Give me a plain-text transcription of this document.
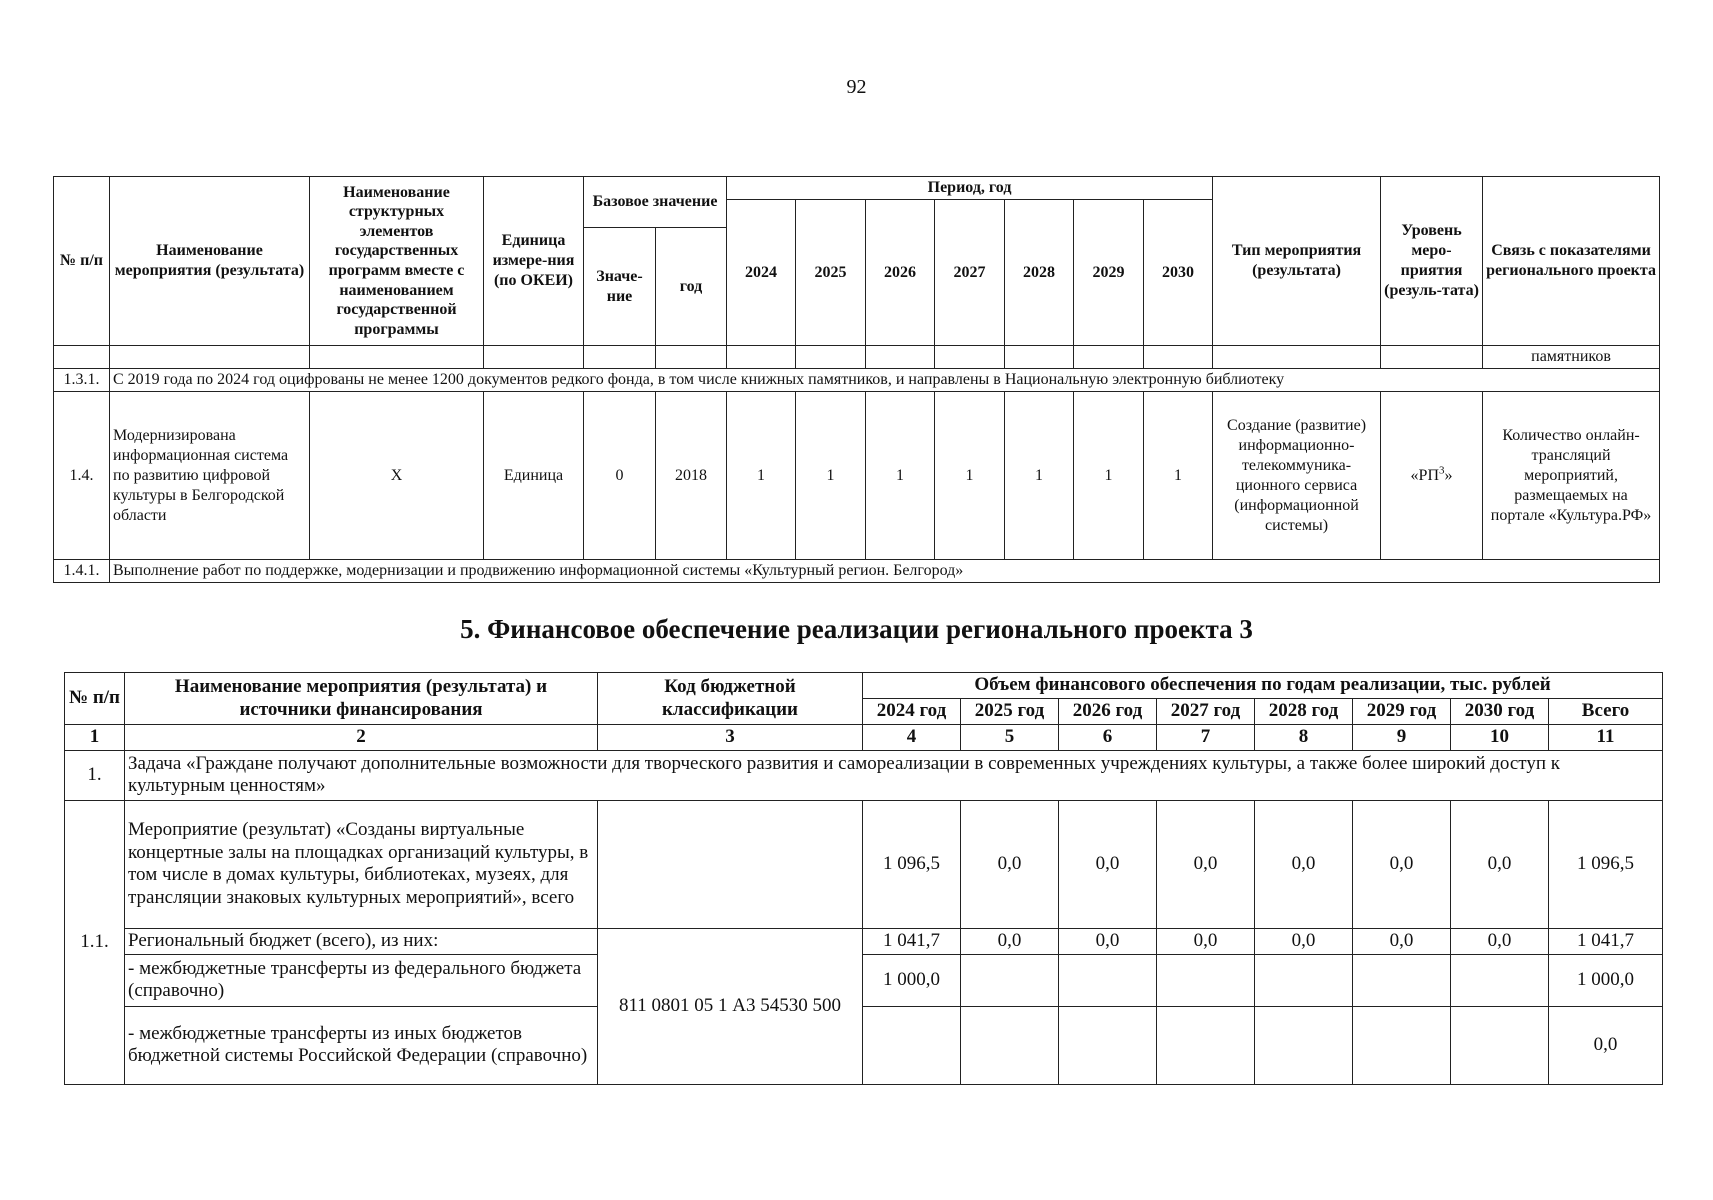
92
№ п/п	Наименование мероприятия (результата)	Наименование структурных элементов государственных программ вместе с наименованием государственной программы	Единица измере-ния (по ОКЕИ)	Базовое значение		Период, год							Тип мероприятия (результата)	Уровень меро-приятия (резуль-тата)	Связь с показателями регионального проекта
						2024	2025	2026	2027	2028	2029	2030			
				Значе-ние	год										
															памятников
1.3.1.	С 2019 года по 2024 год оцифрованы не менее 1200 документов редкого фонда, в том числе книжных памятников, и направлены в Национальную электронную библиотеку														
1.4.	Модернизирована информационная система по развитию цифровой культуры в Белгородской области	X	Единица	0	2018	1	1	1	1	1	1	1	Создание (развитие) информационно-телекоммуника-ционного сервиса (информационной системы)	«$РП^3$»	Количество онлайн-трансляций мероприятий, размещаемых на портале «Культура.РФ»
1.4.1.	Выполнение работ по поддержке, модернизации и продвижению информационной системы «Культурный регион. Белгород»														
5. Финансовое обеспечение реализации регионального проекта 3
№ п/п	Наименование мероприятия (результата) и источники финансирования	Код бюджетной классификации	Объем финансового обеспечения по годам реализации, тыс. рублей							
			2024 год	2025 год	2026 год	2027 год	2028 год	2029 год	2030 год	Всего
1	2	3	4	5	6	7	8	9	10	11
1.	Задача «Граждане получают дополнительные возможности для творческого развития и самореализации в современных учреждениях культуры, а также более широкий доступ к культурным ценностям»									
1.1.	Мероприятие (результат) «Созданы виртуальные концертные залы на площадках организаций культуры, в том числе в домах культуры, библиотеках, музеях, для трансляции знаковых культурных мероприятий», всего		1 096,5	0,0	0,0	0,0	0,0	0,0	0,0	1 096,5
	Региональный бюджет (всего), из них:	811 0801 05 1 А3 54530 500	1 041,7	0,0	0,0	0,0	0,0	0,0	0,0	1 041,7
	- межбюджетные трансферты из федерального бюджета (справочно)		1 000,0							1 000,0
	- межбюджетные трансферты из иных бюджетов бюджетной системы Российской Федерации (справочно)									0,0
